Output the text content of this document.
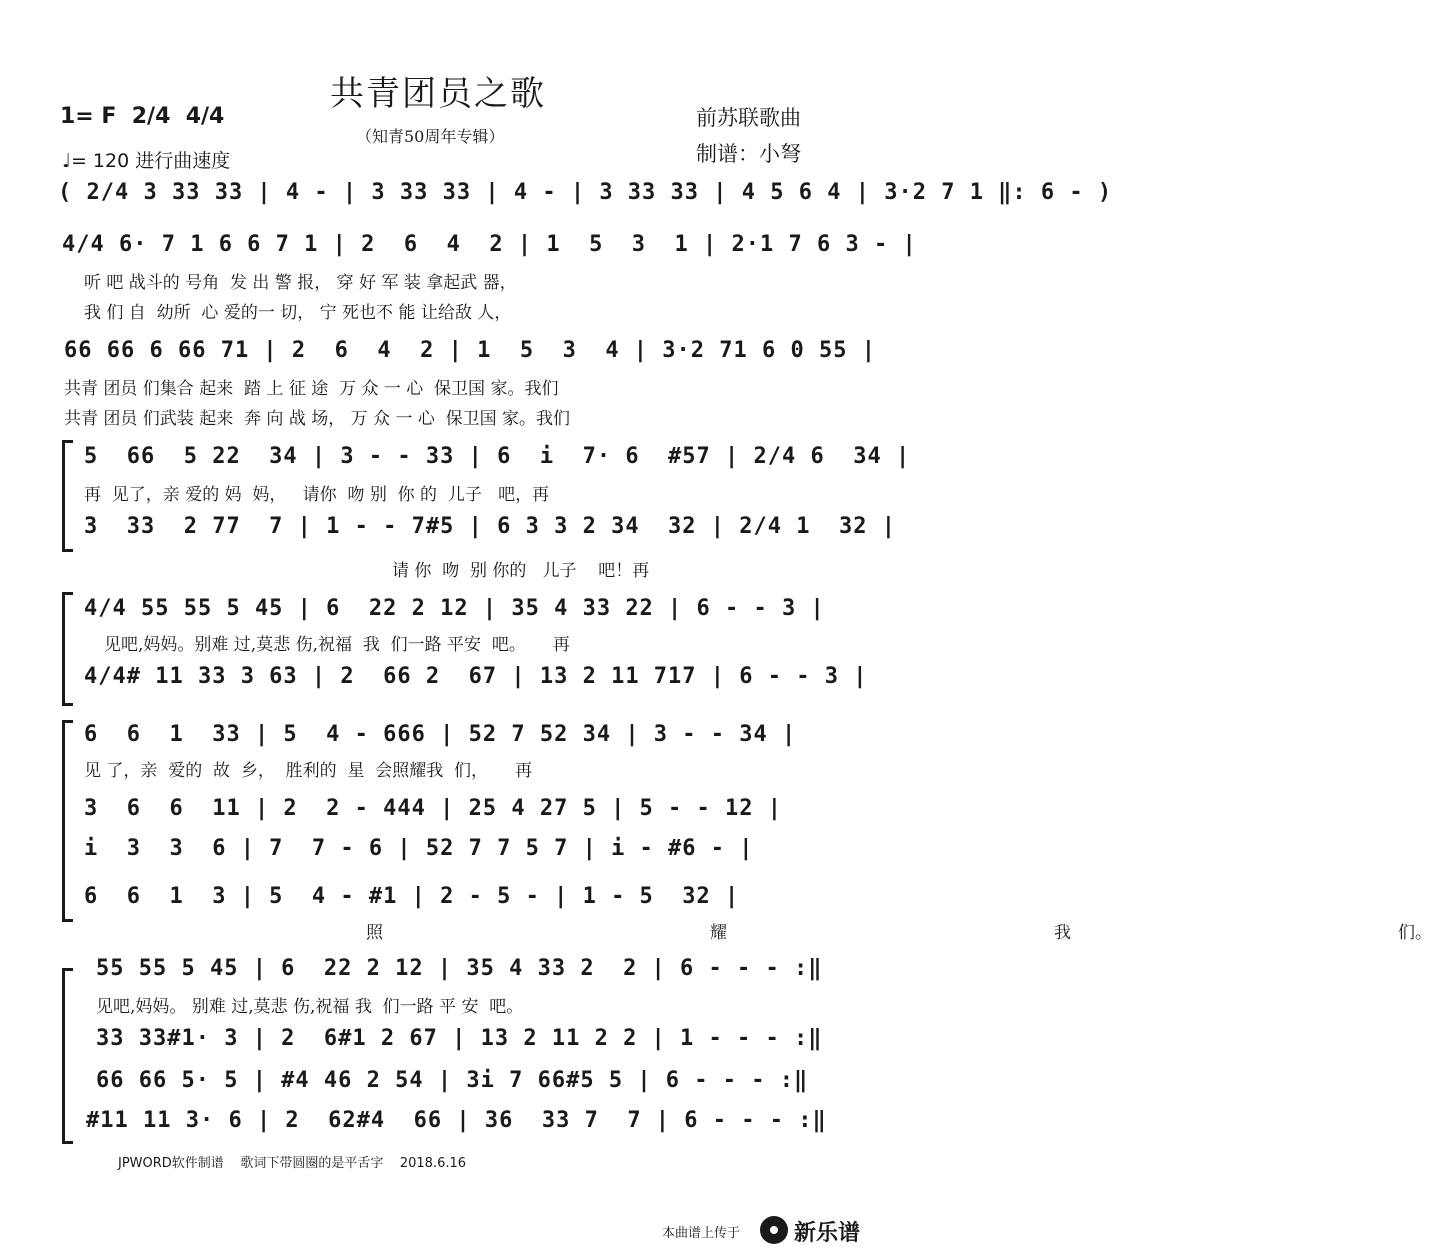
共青团员之歌
（知青50周年专辑）
1= F  2/4  4/4
♩= 120 进行曲速度
前苏联歌曲
制谱：小弩
( 2/4 3 33 33 | 4 - | 3 33 33 | 4 - | 3 33 33 | 4 5 6 4 | 3·2 7 1 ‖: 6 - )
4/4 6· 7 1 6 6 7 1 | 2  6  4  2 | 1  5  3  1 | 2·1 7 6 3 - |
听 吧 战斗的 号角  发 出 警 报， 穿 好 军 装 拿起武 器，
我 们 自  幼所  心 爱的一 切， 宁 死也不 能 让给敌 人，
66 66 6 66 71 | 2  6  4  2 | 1  5  3  4 | 3·2 71 6 0 55 |
共青 团员 们集合 起来  踏 上 征 途  万 众 一 心  保卫国 家。我们
共青 团员 们武装 起来  奔 向 战 场， 万 众 一 心  保卫国 家。我们
5  66  5 22  34 | 3 - - 33 | 6  i  7· 6  #57 | 2/4 6  34 |
再  见了，亲 爱的 妈  妈，   请你  吻 别  你 的  儿子   吧，再
3  33  2 77  7 | 1 - - 7#5 | 6 3 3 2 34  32 | 2/4 1  32 |
请 你  吻  别 你的   儿子    吧！再
4/4 55 55 5 45 | 6  22 2 12 | 35 4 33 22 | 6 - - 3 |
见吧,妈妈。别难 过,莫悲 伤,祝福  我  们一路 平安  吧。     再
4/4# 11 33 3 63 | 2  66 2  67 | 13 2 11 717 | 6 - - 3 |
6  6  1  33 | 5  4 - 666 | 52 7 52 34 | 3 - - 34 |
见 了，亲  爱的  故  乡，  胜利的  星  会照耀我  们，     再
3  6  6  11 | 2  2 - 444 | 25 4 27 5 | 5 - - 12 |
i  3  3  6 | 7  7 - 6 | 52 7 7 5 7 | i - #6 - |
6  6  1  3 | 5  4 - #1 | 2 - 5 - | 1 - 5  32 |
照     耀     我     们。
55 55 5 45 | 6  22 2 12 | 35 4 33 2  2 | 6 - - - :‖
见吧,妈妈。 别难 过,莫悲 伤,祝福 我  们一路 平 安  吧。
33 33#1· 3 | 2  6#1 2 67 | 13 2 11 2 2 | 1 - - - :‖
66 66 5· 5 | #4 46 2 54 | 3i 7 66#5 5 | 6 - - - :‖
#11 11 3· 6 | 2  62#4  66 | 36  33 7  7 | 6 - - - :‖
JPWORD软件制谱    歌词下带圆圈的是平舌字    2018.6.16
本曲谱上传于 新乐谱
